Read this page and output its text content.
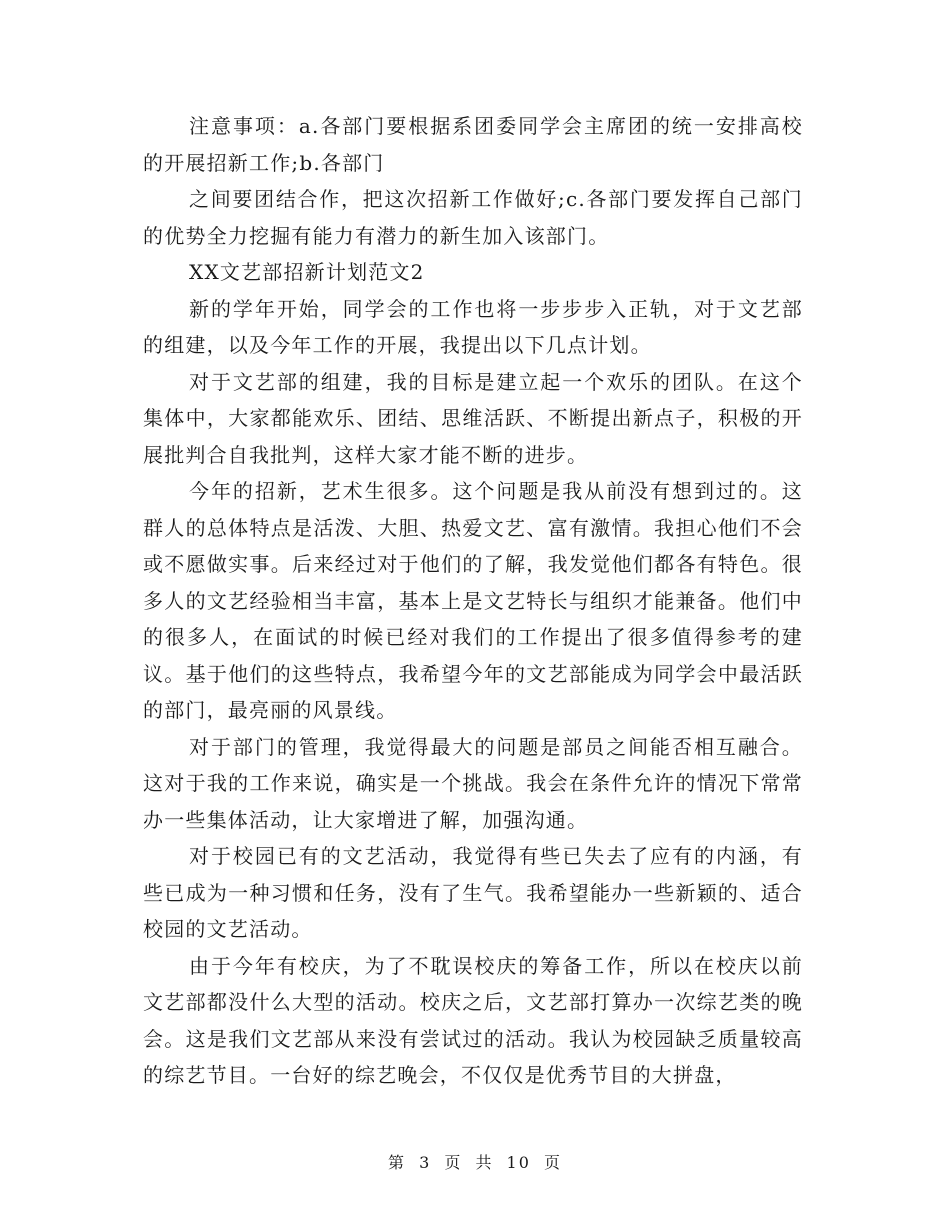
注意事项：a.各部门要根据系团委同学会主席团的统一安排高校的开展招新工作;b.各部门

之间要团结合作，把这次招新工作做好;c.各部门要发挥自己部门的优势全力挖掘有能力有潜力的新生加入该部门。

XX文艺部招新计划范文2

新的学年开始，同学会的工作也将一步步步入正轨，对于文艺部的组建，以及今年工作的开展，我提出以下几点计划。

对于文艺部的组建，我的目标是建立起一个欢乐的团队。在这个集体中，大家都能欢乐、团结、思维活跃、不断提出新点子，积极的开展批判合自我批判，这样大家才能不断的进步。

今年的招新，艺术生很多。这个问题是我从前没有想到过的。这群人的总体特点是活泼、大胆、热爱文艺、富有激情。我担心他们不会或不愿做实事。后来经过对于他们的了解，我发觉他们都各有特色。很多人的文艺经验相当丰富，基本上是文艺特长与组织才能兼备。他们中的很多人，在面试的时候已经对我们的工作提出了很多值得参考的建议。基于他们的这些特点，我希望今年的文艺部能成为同学会中最活跃的部门，最亮丽的风景线。

对于部门的管理，我觉得最大的问题是部员之间能否相互融合。这对于我的工作来说，确实是一个挑战。我会在条件允许的情况下常常办一些集体活动，让大家增进了解，加强沟通。

对于校园已有的文艺活动，我觉得有些已失去了应有的内涵，有些已成为一种习惯和任务，没有了生气。我希望能办一些新颖的、适合校园的文艺活动。

由于今年有校庆，为了不耽误校庆的筹备工作，所以在校庆以前文艺部都没什么大型的活动。校庆之后，文艺部打算办一次综艺类的晚会。这是我们文艺部从来没有尝试过的活动。我认为校园缺乏质量较高的综艺节目。一台好的综艺晚会，不仅仅是优秀节目的大拼盘，

第 3 页 共 10 页
